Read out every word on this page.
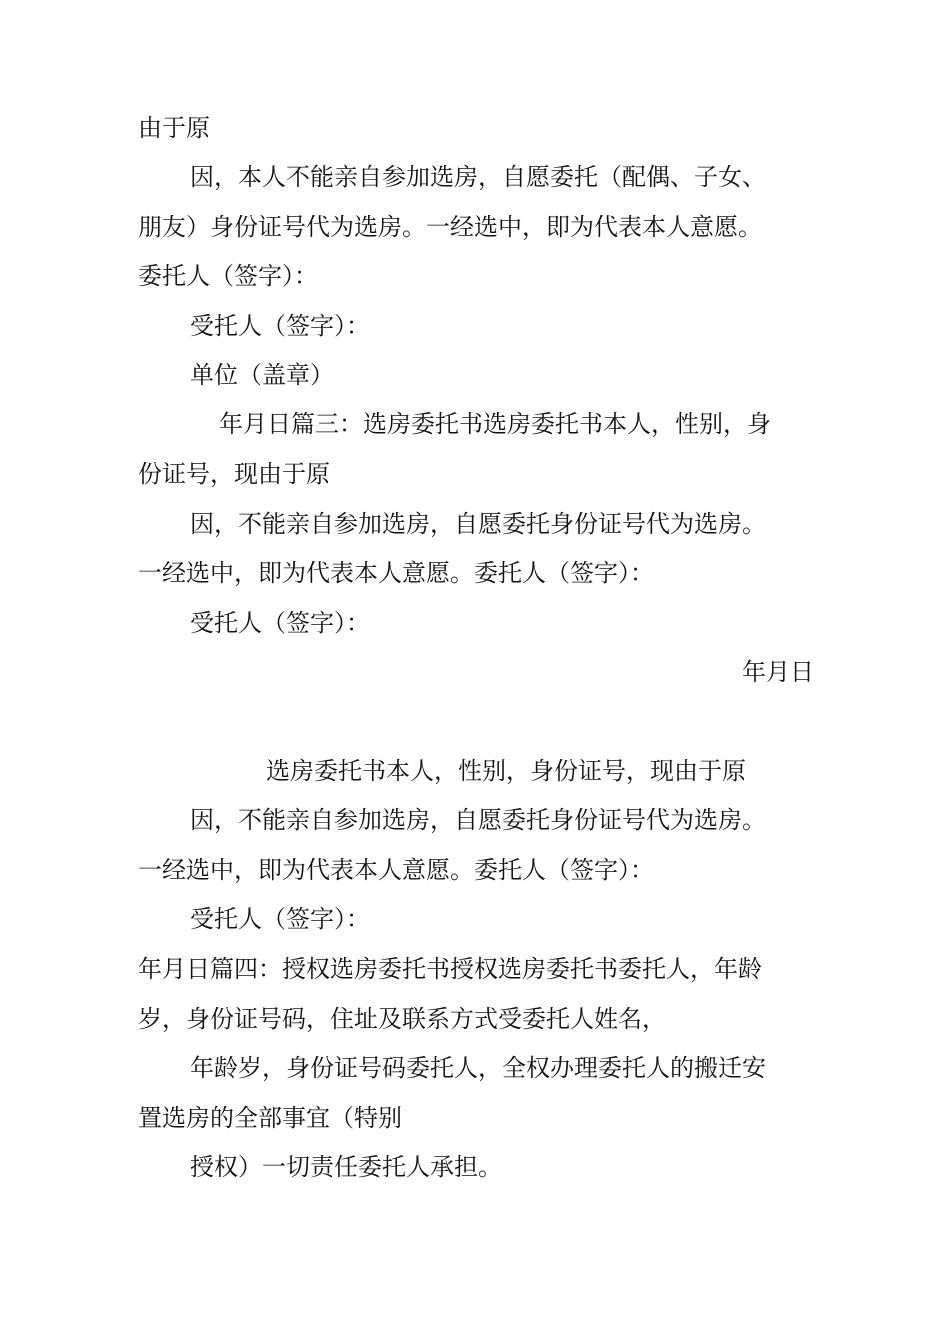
由于原
因，本人不能亲自参加选房，自愿委托（配偶、子女、
朋友）身份证号代为选房。一经选中，即为代表本人意愿。
委托人（签字）：
受托人（签字）：
单位（盖章）
年月日篇三：选房委托书选房委托书本人，性别，身
份证号，现由于原
因，不能亲自参加选房，自愿委托身份证号代为选房。
一经选中，即为代表本人意愿。委托人（签字）：
受托人（签字）：
年月日
选房委托书本人，性别，身份证号，现由于原
因，不能亲自参加选房，自愿委托身份证号代为选房。
一经选中，即为代表本人意愿。委托人（签字）：
受托人（签字）：
年月日篇四：授权选房委托书授权选房委托书委托人，年龄
岁，身份证号码，住址及联系方式受委托人姓名，
年龄岁，身份证号码委托人，全权办理委托人的搬迁安
置选房的全部事宜（特别
授权）一切责任委托人承担。
